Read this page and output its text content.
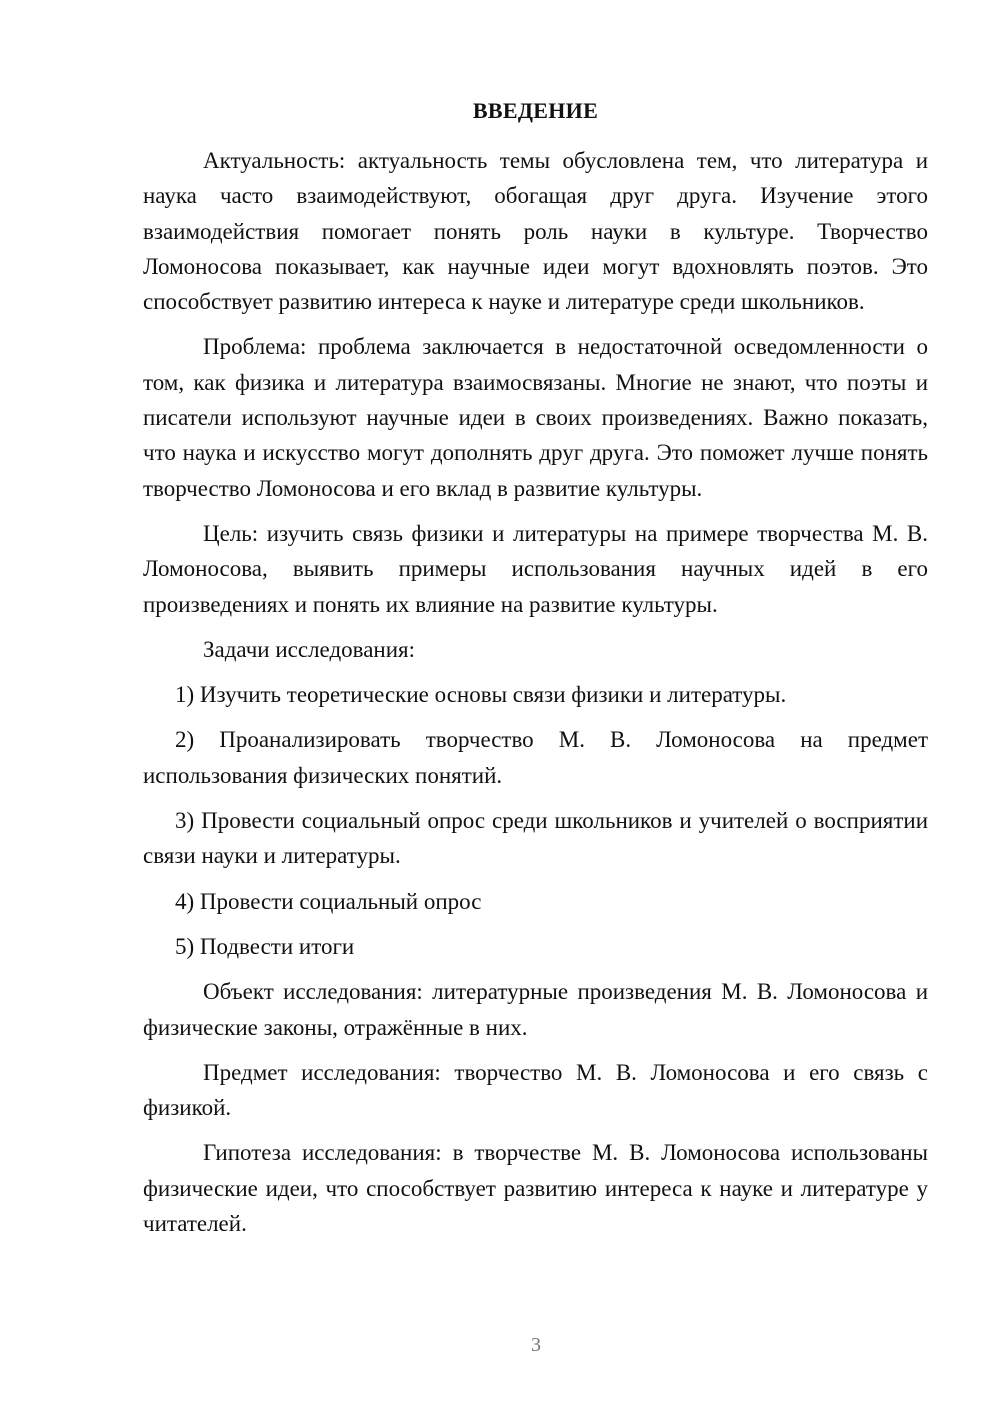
ВВЕДЕНИЕ

Актуальность: актуальность темы обусловлена тем, что литература и наука часто взаимодействуют, обогащая друг друга. Изучение этого взаимодействия помогает понять роль науки в культуре. Творчество Ломоносова показывает, как научные идеи могут вдохновлять поэтов. Это способствует развитию интереса к науке и литературе среди школьников.

Проблема: проблема заключается в недостаточной осведомленности о том, как физика и литература взаимосвязаны. Многие не знают, что поэты и писатели используют научные идеи в своих произведениях. Важно показать, что наука и искусство могут дополнять друг друга. Это поможет лучше понять творчество Ломоносова и его вклад в развитие культуры.

Цель: изучить связь физики и литературы на примере творчества М. В. Ломоносова, выявить примеры использования научных идей в его произведениях и понять их влияние на развитие культуры.

Задачи исследования:

1) Изучить теоретические основы связи физики и литературы.

2) Проанализировать творчество М. В. Ломоносова на предмет использования физических понятий.

3) Провести социальный опрос среди школьников и учителей о восприятии связи науки и литературы.

4) Провести социальный опрос

5) Подвести итоги

Объект исследования: литературные произведения М. В. Ломоносова и физические законы, отражённые в них.

Предмет исследования: творчество М. В. Ломоносова и его связь с физикой.

Гипотеза исследования: в творчестве М. В. Ломоносова использованы физические идеи, что способствует развитию интереса к науке и литературе у читателей.

3
